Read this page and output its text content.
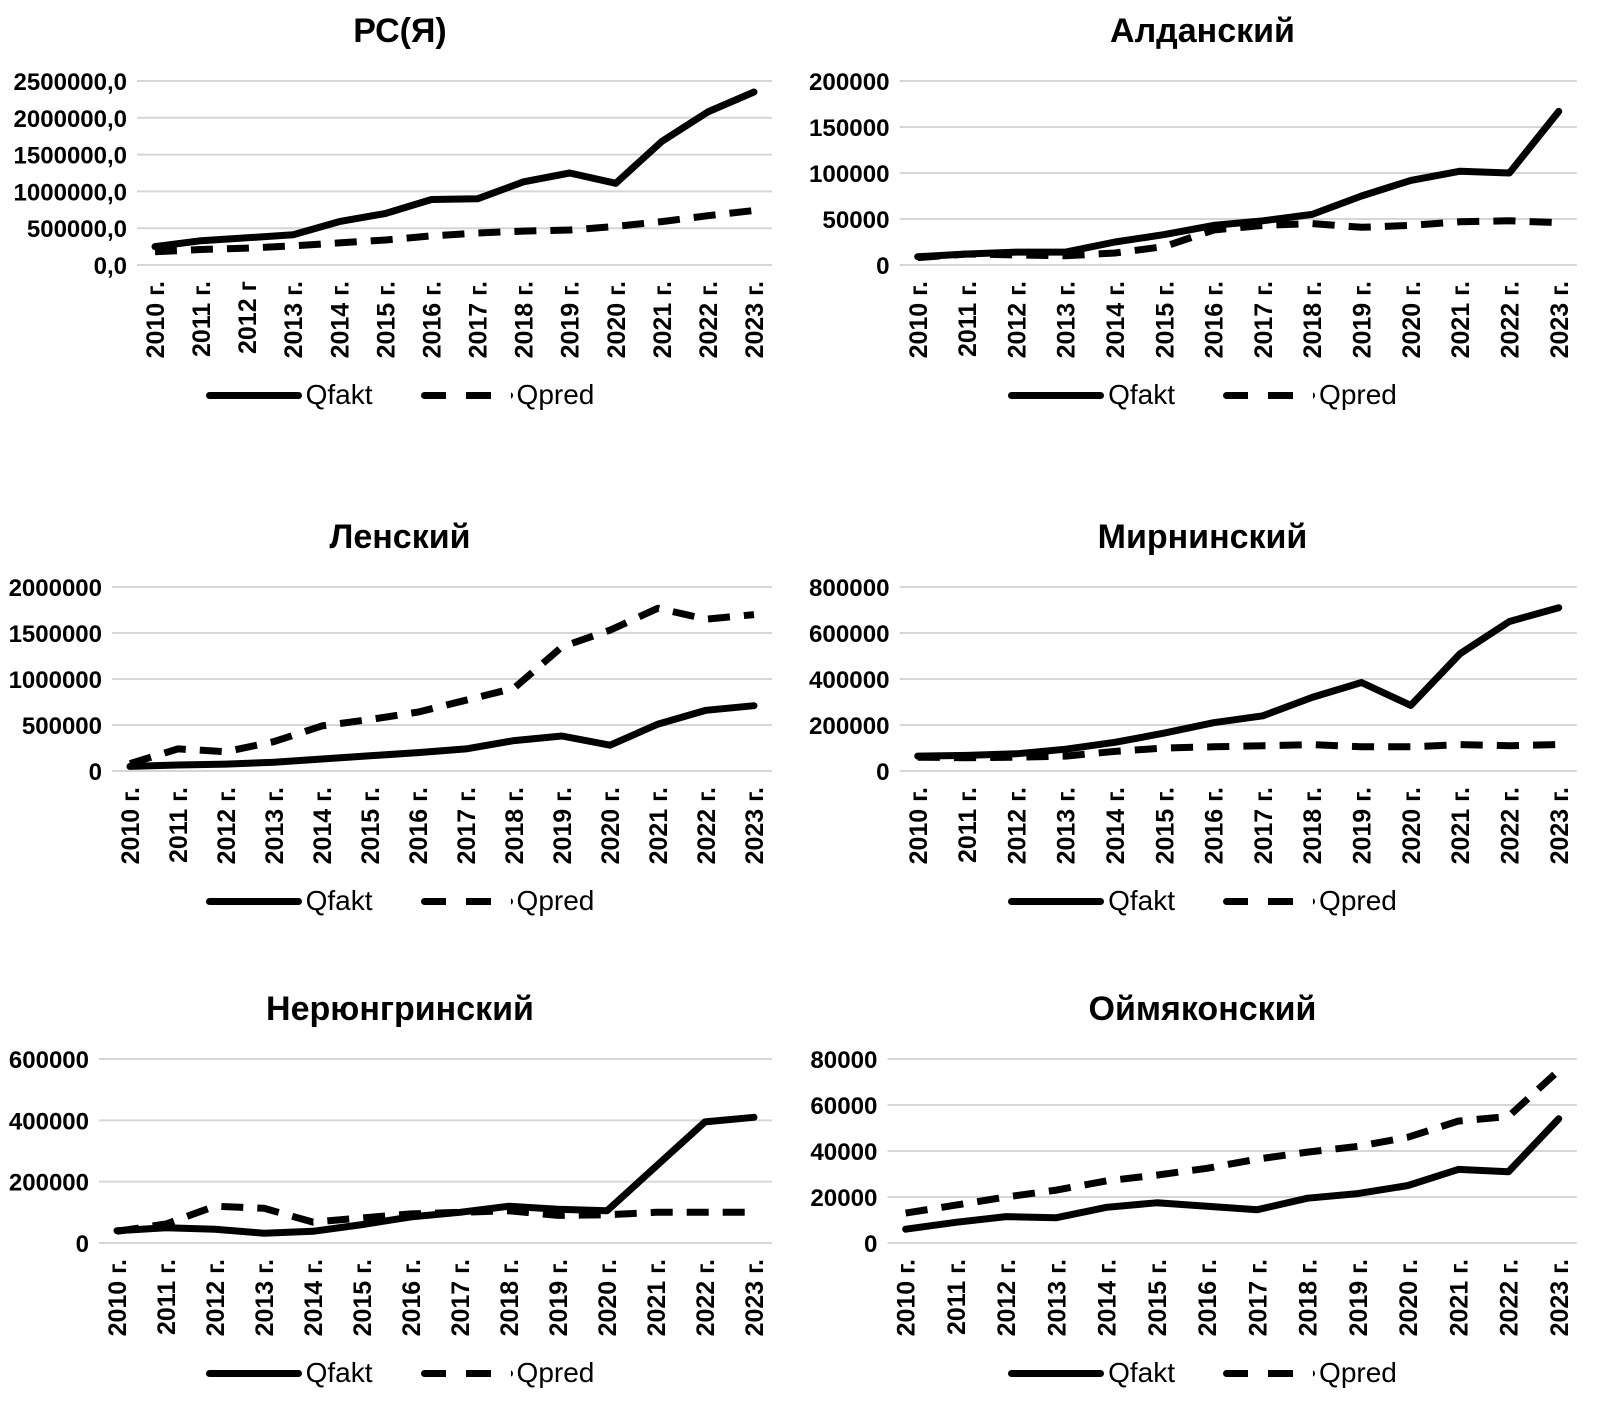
РС(Я)
2500000,0
2000000,0
1500000,0
1000000,0
500000,0
0,0
2010 г. 2011 г. 2012 г 2013 г. 2014 г. 2015 г. 2016 г. 2017 г. 2018 г. 2019 г. 2020 г. 2021 г. 2022 г. 2023 г.
Qfakt	Qpred
Алданский
200000
150000
100000
50000
0
2010 г. 2011 г. 2012 г. 2013 г. 2014 г. 2015 г. 2016 г. 2017 г. 2018 г. 2019 г. 2020 г. 2021 г. 2022 г. 2023 г.
Qfakt	Qpred
Ленский
2000000
1500000
1000000
500000
0
2010 г. 2011 г. 2012 г. 2013 г. 2014 г. 2015 г. 2016 г. 2017 г. 2018 г. 2019 г. 2020 г. 2021 г. 2022 г. 2023 г.
Qfakt	Qpred
Мирнинский
800000
600000
400000
200000
0
2010 г. 2011 г. 2012 г. 2013 г. 2014 г. 2015 г. 2016 г. 2017 г. 2018 г. 2019 г. 2020 г. 2021 г. 2022 г. 2023 г.
Qfakt	Qpred
Нерюнгринский
600000
400000
200000
0
2010 г. 2011 г. 2012 г. 2013 г. 2014 г. 2015 г. 2016 г. 2017 г. 2018 г. 2019 г. 2020 г. 2021 г. 2022 г. 2023 г.
Qfakt	Qpred
Оймяконский
80000
60000
40000
20000
0
2010 г. 2011 г. 2012 г. 2013 г. 2014 г. 2015 г. 2016 г. 2017 г. 2018 г. 2019 г. 2020 г. 2021 г. 2022 г. 2023 г.
Qfakt	Qpred
